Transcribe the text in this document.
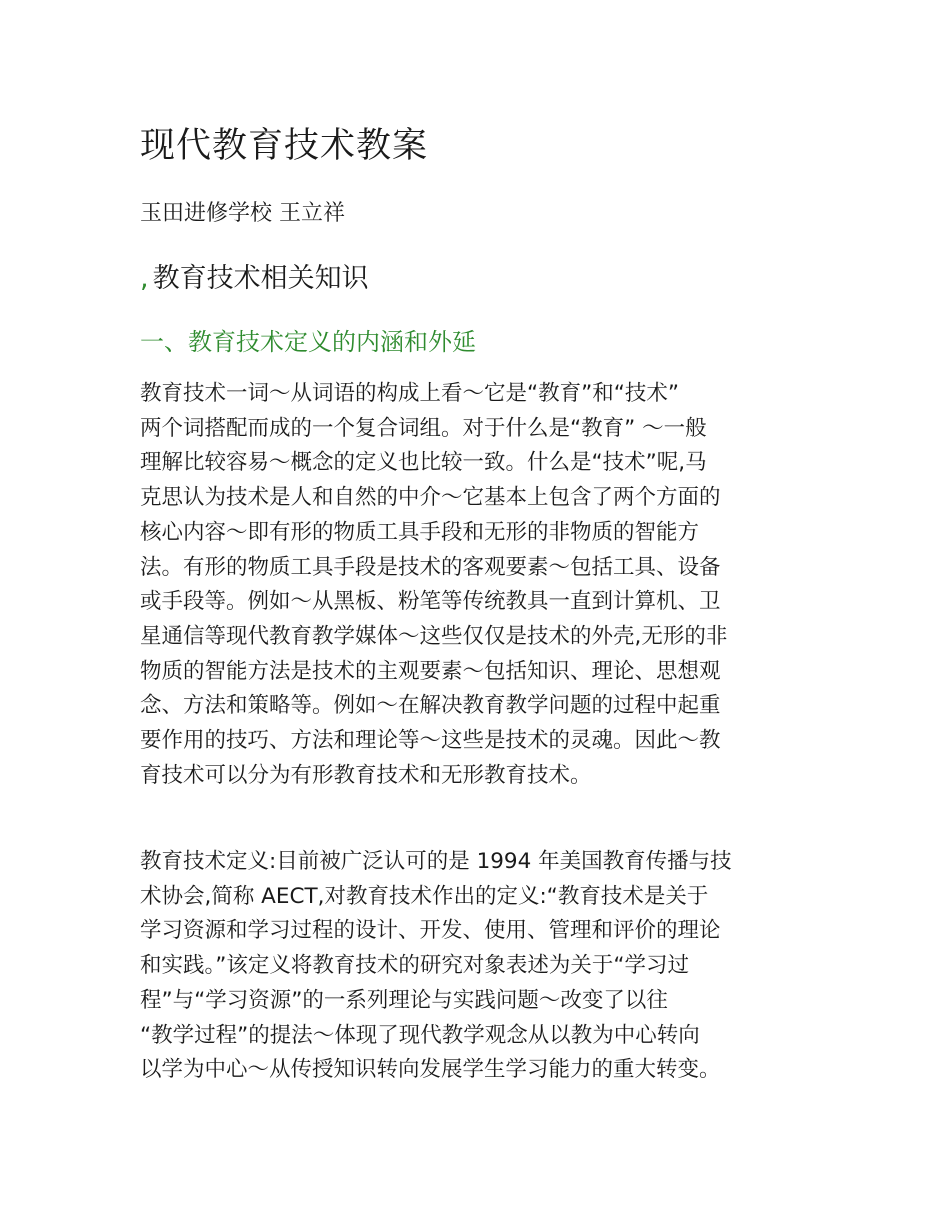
现代教育技术教案

玉田进修学校 王立祥

, 教育技术相关知识
一、教育技术定义的内涵和外延

教育技术一词～从词语的构成上看～它是“教育”和“技术”
两个词搭配而成的一个复合词组。对于什么是“教育” ～一般
理解比较容易～概念的定义也比较一致。什么是“技术”呢,马
克思认为技术是人和自然的中介～它基本上包含了两个方面的
核心内容～即有形的物质工具手段和无形的非物质的智能方
法。有形的物质工具手段是技术的客观要素～包括工具、设备
或手段等。例如～从黑板、粉笔等传统教具一直到计算机、卫
星通信等现代教育教学媒体～这些仅仅是技术的外壳,无形的非
物质的智能方法是技术的主观要素～包括知识、理论、思想观
念、方法和策略等。例如～在解决教育教学问题的过程中起重
要作用的技巧、方法和理论等～这些是技术的灵魂。因此～教
育技术可以分为有形教育技术和无形教育技术。

教育技术定义:目前被广泛认可的是 1994 年美国教育传播与技
术协会,简称 AECT,对教育技术作出的定义:“教育技术是关于
学习资源和学习过程的设计、开发、使用、管理和评价的理论
和实践。”该定义将教育技术的研究对象表述为关于“学习过
程”与“学习资源”的一系列理论与实践问题～改变了以往
“教学过程”的提法～体现了现代教学观念从以教为中心转向
以学为中心～从传授知识转向发展学生学习能力的重大转变。
